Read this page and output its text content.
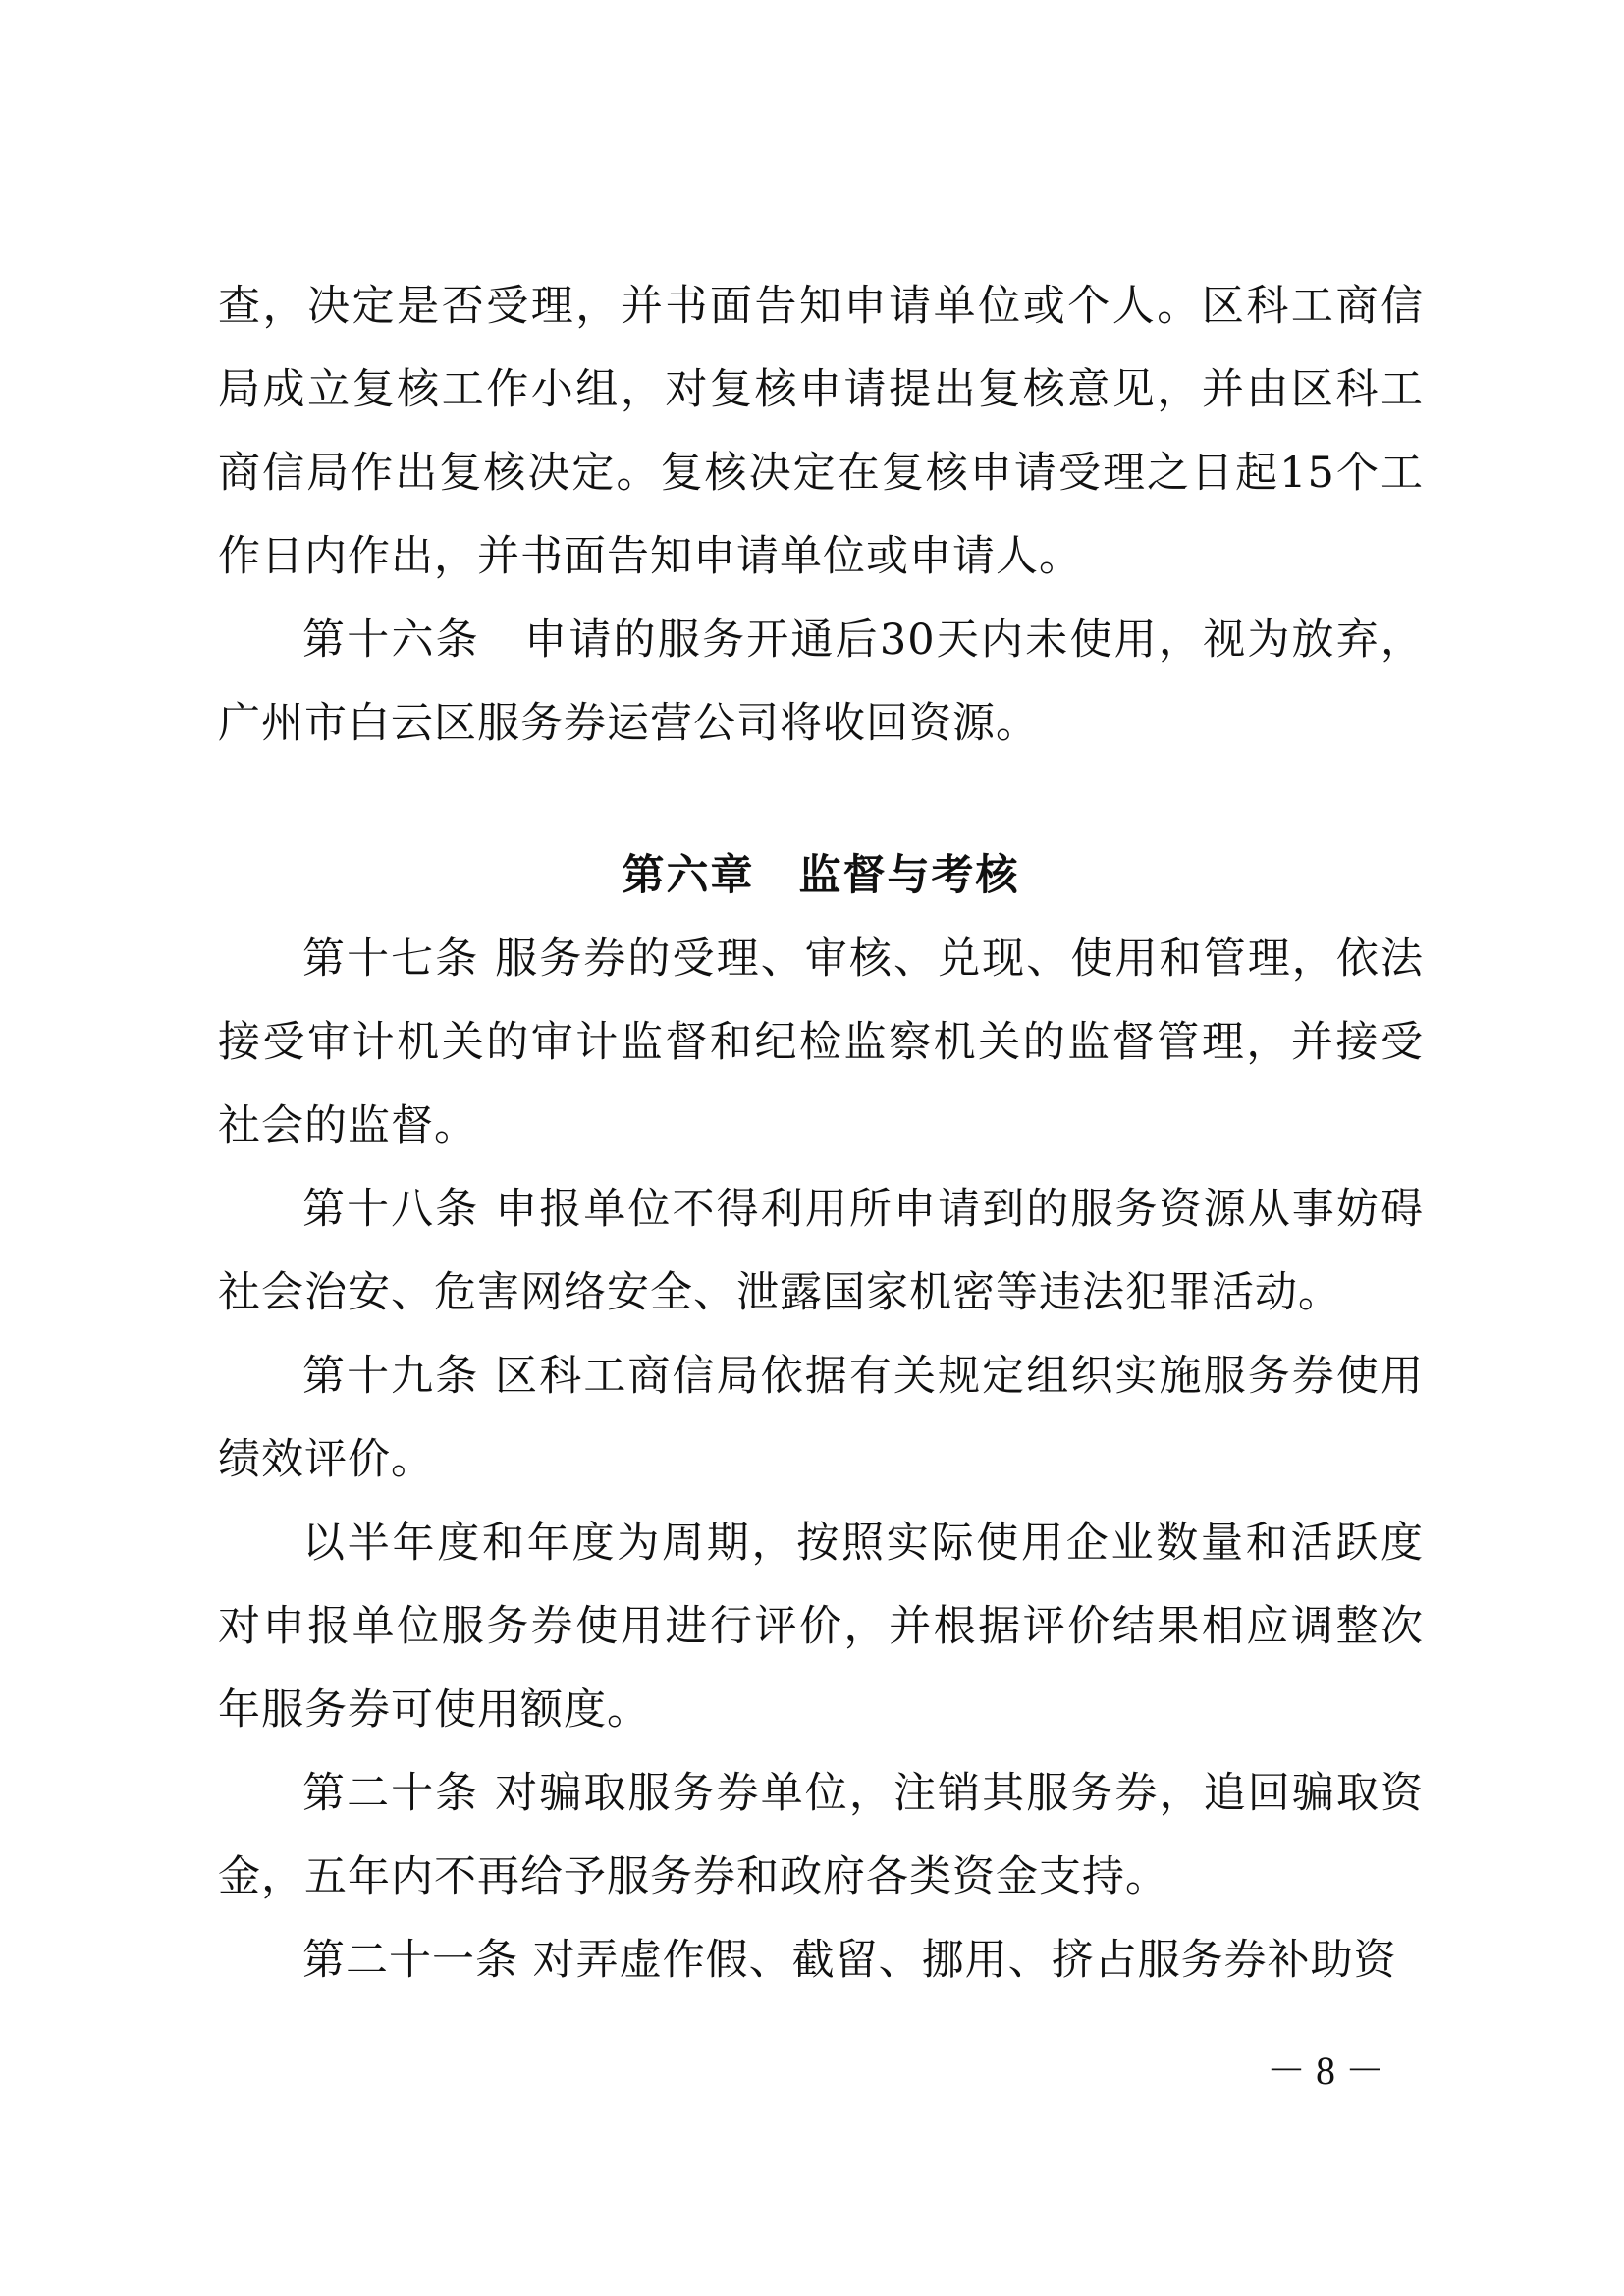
查，决定是否受理，并书面告知申请单位或个人。区科工商信局成立复核工作小组，对复核申请提出复核意见，并由区科工商信局作出复核决定。复核决定在复核申请受理之日起15个工作日内作出，并书面告知申请单位或申请人。

第十六条　申请的服务开通后30天内未使用，视为放弃，广州市白云区服务券运营公司将收回资源。

第六章　监督与考核

第十七条 服务券的受理、审核、兑现、使用和管理，依法接受审计机关的审计监督和纪检监察机关的监督管理，并接受社会的监督。

第十八条 申报单位不得利用所申请到的服务资源从事妨碍社会治安、危害网络安全、泄露国家机密等违法犯罪活动。

第十九条 区科工商信局依据有关规定组织实施服务券使用绩效评价。

以半年度和年度为周期，按照实际使用企业数量和活跃度对申报单位服务券使用进行评价，并根据评价结果相应调整次年服务券可使用额度。

第二十条 对骗取服务券单位，注销其服务券，追回骗取资金，五年内不再给予服务券和政府各类资金支持。

第二十一条 对弄虚作假、截留、挪用、挤占服务券补助资

－ 8 －
